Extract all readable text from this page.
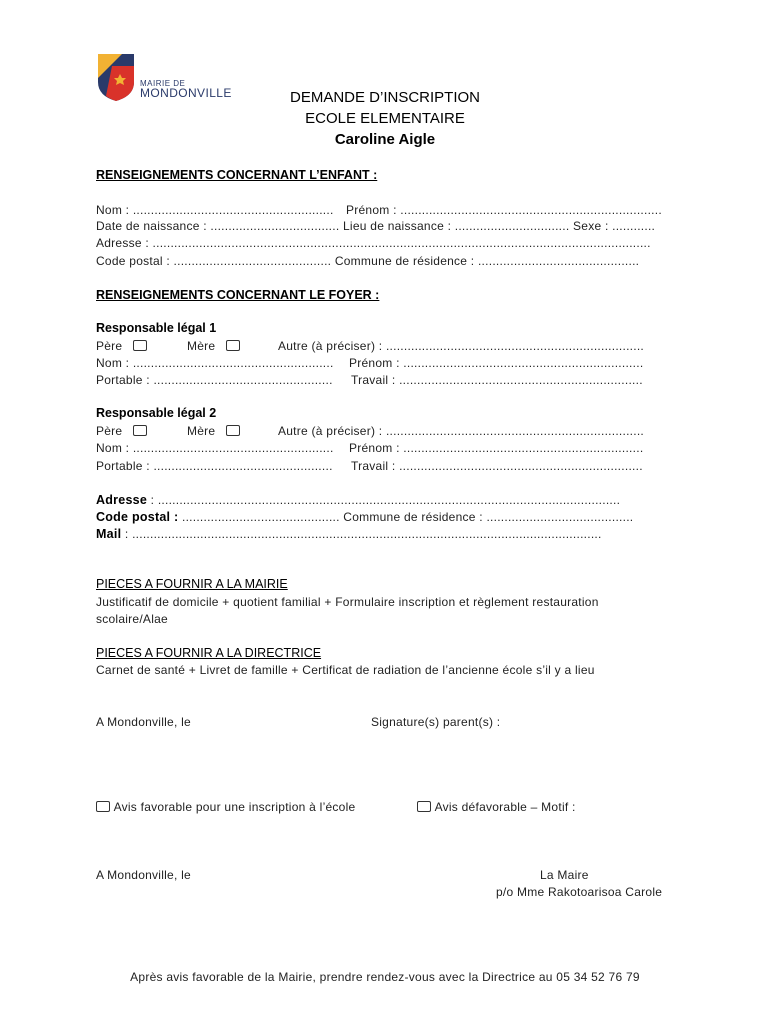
MAIRIE DE
MONDONVILLE	DEMANDE D’INSCRIPTION
ECOLE ELEMENTAIRE
Caroline Aigle
RENSEIGNEMENTS CONCERNANT L’ENFANT :
Nom : ........................................................ Prénom : .........................................................................
Date de naissance : .................................... Lieu de naissance : ................................ Sexe : ............
Adresse : ...........................................................................................................................................
Code postal : ............................................ Commune de résidence : .............................................
RENSEIGNEMENTS CONCERNANT LE FOYER :
Responsable légal 1
Père	Mère	Autre (à préciser) : ........................................................................
Nom : ........................................................ Prénom : ...................................................................
Portable : .................................................. Travail : ....................................................................
Responsable légal 2
Père	Mère	Autre (à préciser) : ........................................................................
Nom : ........................................................ Prénom : ...................................................................
Portable : .................................................. Travail : ....................................................................
Adresse : .................................................................................................................................
Code postal : ............................................ Commune de résidence : .........................................
Mail : ...................................................................................................................................
PIECES A FOURNIR A LA MAIRIE
Justificatif de domicile + quotient familial + Formulaire inscription et règlement restauration
scolaire/Alae
PIECES A FOURNIR A LA DIRECTRICE
Carnet de santé + Livret de famille + Certificat de radiation de l’ancienne école s’il y a lieu
A Mondonville, le	Signature(s) parent(s) :
Avis favorable pour une inscription à l’école	Avis défavorable – Motif :
A Mondonville, le	La Maire
p/o Mme Rakotoarisoa Carole
Après avis favorable de la Mairie, prendre rendez-vous avec la Directrice au 05 34 52 76 79
